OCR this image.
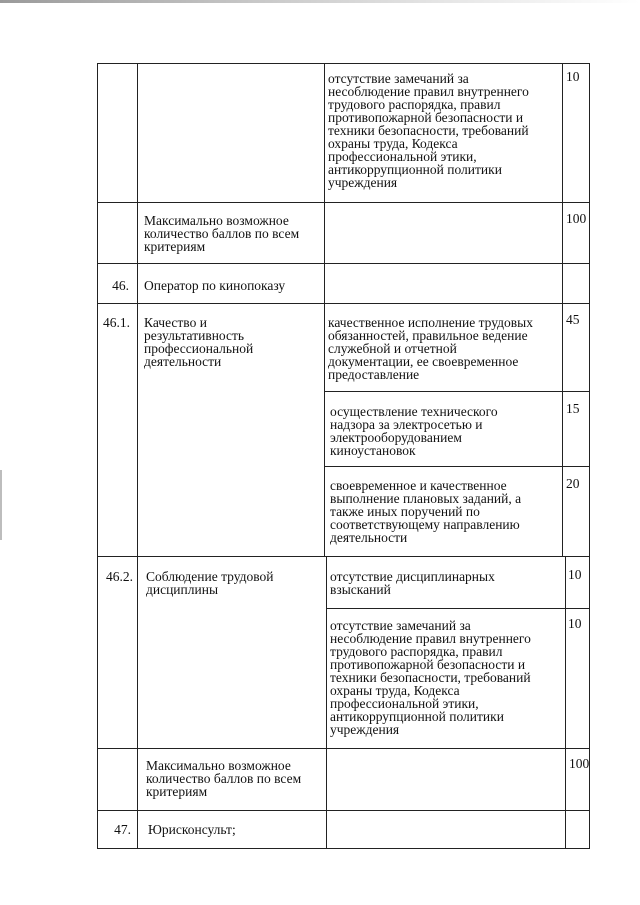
отсутствие замечаний за
несоблюдение правил внутреннего
трудового распорядка, правил
противопожарной безопасности и
техники безопасности, требований
охраны труда, Кодекса
профессиональной этики,
антикоррупционной политики
учреждения
10
Максимально возможное
количество баллов по всем
критериям
100
46. Оператор по кинопоказу
46.1. Качество и
результативность
профессиональной
деятельности
качественное исполнение трудовых
обязанностей, правильное ведение
служебной и отчетной
документации, ее своевременное
предоставление
45
осуществление технического
надзора за электросетью и
электрооборудованием
киноустановок
15
своевременное и качественное
выполнение плановых заданий, а
также иных поручений по
соответствующему направлению
деятельности
20
46.2. Соблюдение трудовой
дисциплины
отсутствие дисциплинарных
взысканий
10
отсутствие замечаний за
несоблюдение правил внутреннего
трудового распорядка, правил
противопожарной безопасности и
техники безопасности, требований
охраны труда, Кодекса
профессиональной этики,
антикоррупционной политики
учреждения
10
Максимально возможное
количество баллов по всем
критериям
100
47. Юрисконсульт;
